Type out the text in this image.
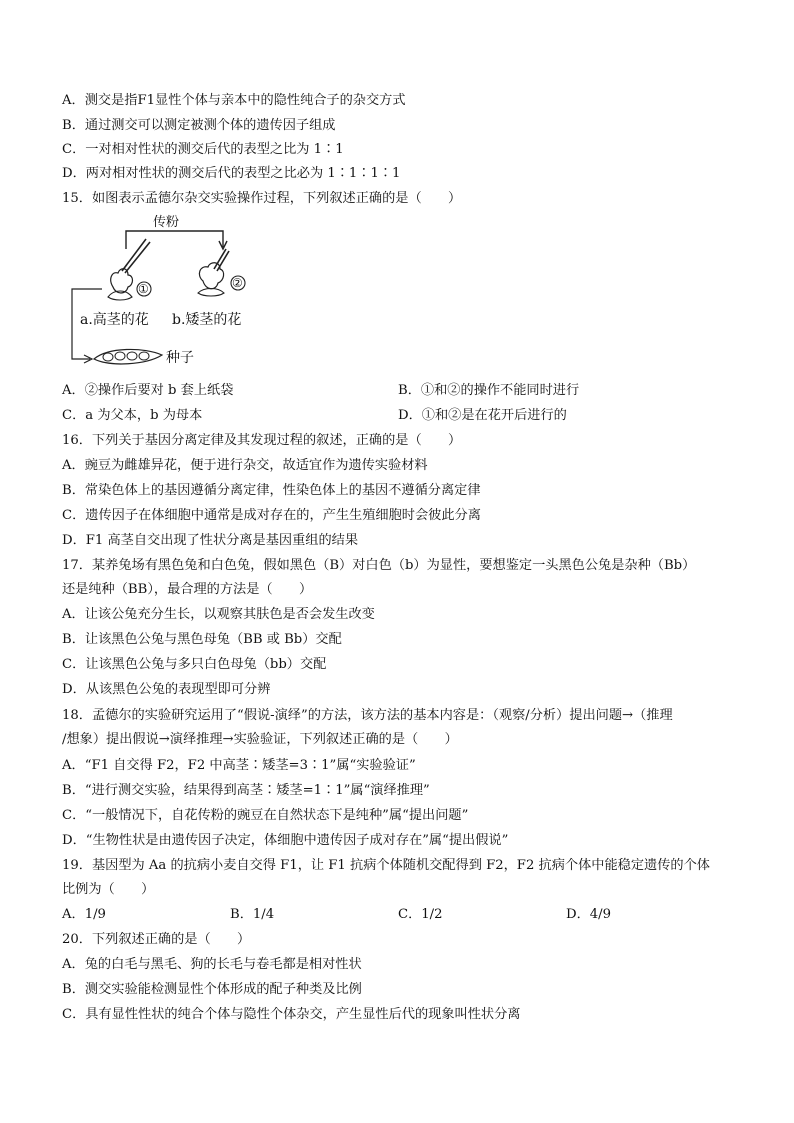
A．测交是指F1显性个体与亲本中的隐性纯合子的杂交方式
B．通过测交可以测定被测个体的遗传因子组成
C．一对相对性状的测交后代的表型之比为 1∶1
D．两对相对性状的测交后代的表型之比必为 1∶1∶1∶1
15．如图表示孟德尔杂交实验操作过程，下列叙述正确的是（　　）
传粉
①	②
a.高茎的花 b.矮茎的花
种子
A．②操作后要对 b 套上纸袋	B．①和②的操作不能同时进行
C．a 为父本，b 为母本	D．①和②是在花开后进行的
16．下列关于基因分离定律及其发现过程的叙述，正确的是（　　）
A．豌豆为雌雄异花，便于进行杂交，故适宜作为遗传实验材料
B．常染色体上的基因遵循分离定律，性染色体上的基因不遵循分离定律
C．遗传因子在体细胞中通常是成对存在的，产生生殖细胞时会彼此分离
D．F1 高茎自交出现了性状分离是基因重组的结果
17．某养兔场有黑色兔和白色兔，假如黑色（B）对白色（b）为显性，要想鉴定一头黑色公兔是杂种（Bb）
还是纯种（BB），最合理的方法是（　　）
A．让该公兔充分生长，以观察其肤色是否会发生改变
B．让该黑色公兔与黑色母兔（BB 或 Bb）交配
C．让该黑色公兔与多只白色母兔（bb）交配
D．从该黑色公兔的表现型即可分辨
18．孟德尔的实验研究运用了“假说-演绎”的方法，该方法的基本内容是：（观察/分析）提出问题→（推理
/想象）提出假说→演绎推理→实验验证，下列叙述正确的是（　　）
A．“F1 自交得 F2，F2 中高茎∶矮茎=3∶1”属“实验验证”
B．“进行测交实验，结果得到高茎∶矮茎=1∶1”属“演绎推理”
C．“一般情况下，自花传粉的豌豆在自然状态下是纯种”属“提出问题”
D．“生物性状是由遗传因子决定，体细胞中遗传因子成对存在”属“提出假说”
19．基因型为 Aa 的抗病小麦自交得 F1，让 F1 抗病个体随机交配得到 F2，F2 抗病个体中能稳定遗传的个体
比例为（　　）
A．1/9	B．1/4	C．1/2	D．4/9
20．下列叙述正确的是（　　）
A．兔的白毛与黑毛、狗的长毛与卷毛都是相对性状
B．测交实验能检测显性个体形成的配子种类及比例
C．具有显性性状的纯合个体与隐性个体杂交，产生显性后代的现象叫性状分离
